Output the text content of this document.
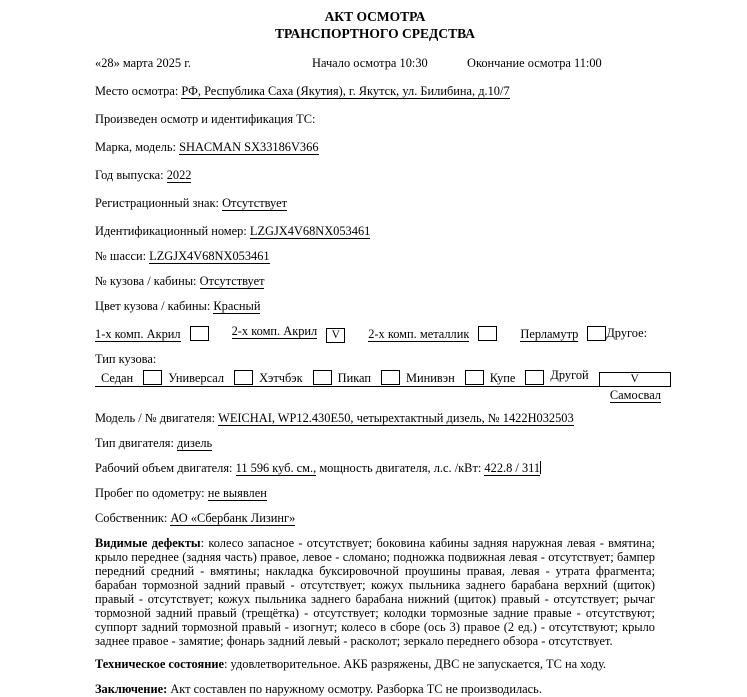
АКТ ОСМОТРА
ТРАНСПОРТНОГО СРЕДСТВА
«28» марта 2025 г.	Начало осмотра 10:30	Окончание осмотра 11:00
Место осмотра: РФ, Республика Саха (Якутия), г. Якутск, ул. Билибина, д.10/7
Произведен осмотр и идентификация ТС:
Марка, модель: SHACMAN SX33186V366
Год выпуска: 2022
Регистрационный знак: Отсутствует
Идентификационный номер: LZGJX4V68NX053461
№ шасси: LZGJX4V68NX053461
№ кузова / кабины: Отсутствует
Цвет кузова / кабины: Красный
1-х комп. Акрил	2-х комп. Акрил V	2-х комп. металлик	Перламутр	Другое:
Тип кузова:
Седан	Универсал	Хэтчбэк	Пикап	Минивэн	Купе	Другой	V
Самосвал
Модель / № двигателя: WEICHAI, WP12.430E50, четырехтактный дизель, № 1422H032503
Тип двигателя: дизель
Рабочий объем двигателя: 11 596 куб. см., мощность двигателя, л.с. /кВт: 422.8 / 311
Пробег по одометру: не выявлен
Собственник: АО «Сбербанк Лизинг»
Видимые дефекты: колесо запасное - отсутствует; боковина кабины задняя наружная левая - вмятина; крыло переднее (задняя часть) правое, левое - сломано; подножка подвижная левая - отсутствует; бампер передний средний - вмятины; накладка буксировочной проушины правая, левая - утрата фрагмента; барабан тормозной задний правый - отсутствует; кожух пыльника заднего барабана верхний (щиток) правый - отсутствует; кожух пыльника заднего барабана нижний (щиток) правый - отсутствует; рычаг тормозной задний правый (трещётка) - отсутствует; колодки тормозные задние правые - отсутствуют; суппорт задний тормозной правый - изогнут; колесо в сборе (ось 3) правое (2 ед.) - отсутствуют; крыло заднее правое - замятие; фонарь задний левый - расколот; зеркало переднего обзора - отсутствует.
Техническое состояние: удовлетворительное. АКБ разряжены, ДВС не запускается, ТС на ходу.
Заключение: Акт составлен по наружному осмотру. Разборка ТС не производилась.
